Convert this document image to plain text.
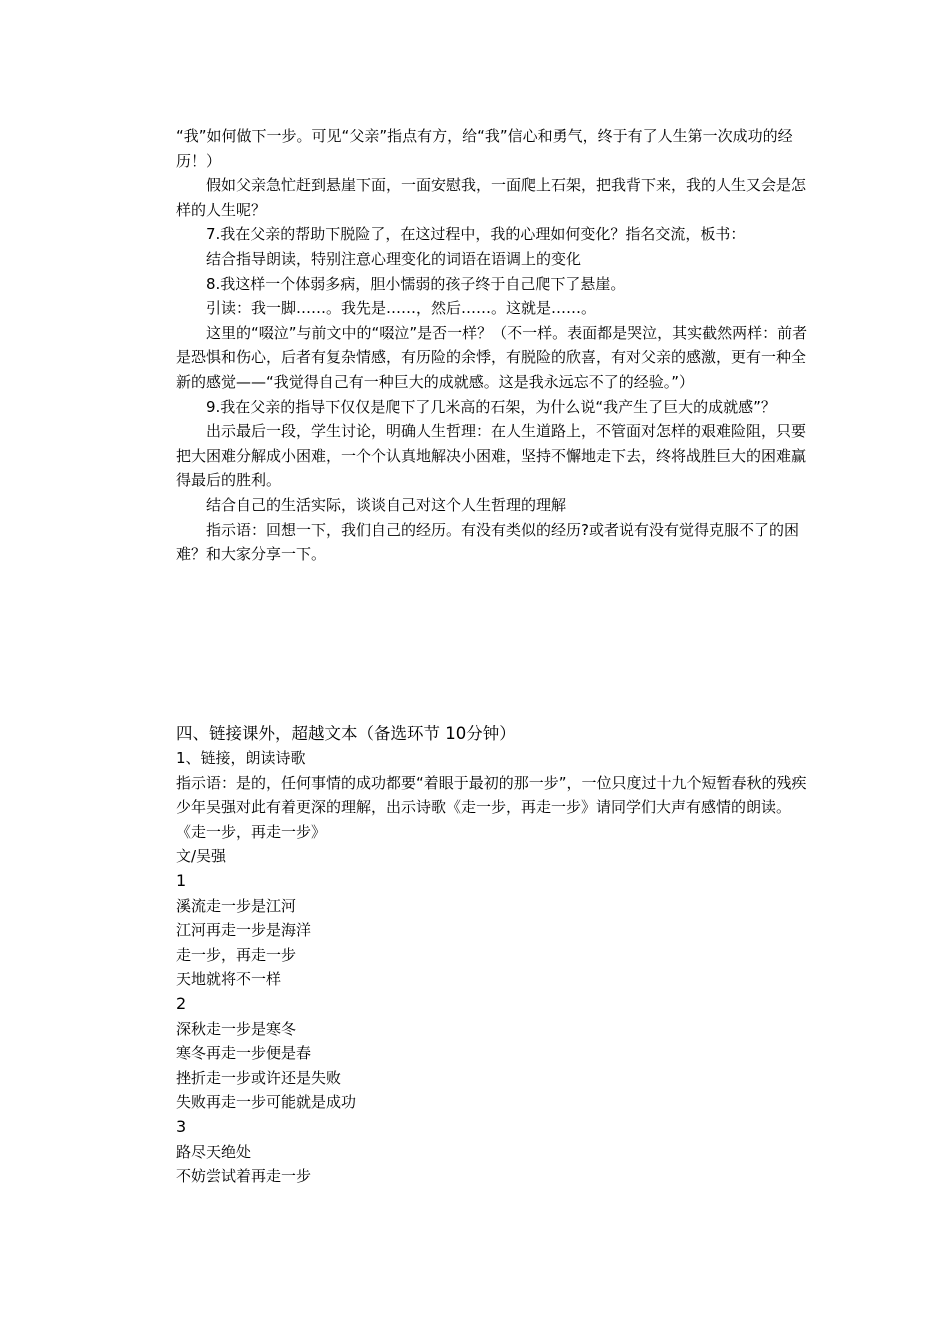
“我”如何做下一步。可见“父亲”指点有方，给“我”信心和勇气，终于有了人生第一次成功的经历！）

假如父亲急忙赶到悬崖下面，一面安慰我，一面爬上石架，把我背下来，我的人生又会是怎样的人生呢？

7.我在父亲的帮助下脱险了，在这过程中，我的心理如何变化？指名交流，板书：

结合指导朗读，特别注意心理变化的词语在语调上的变化

8.我这样一个体弱多病，胆小懦弱的孩子终于自己爬下了悬崖。

引读：我一脚……。我先是……，然后……。这就是……。

这里的“啜泣”与前文中的“啜泣”是否一样？（不一样。表面都是哭泣，其实截然两样：前者是恐惧和伤心，后者有复杂情感，有历险的余悸，有脱险的欣喜，有对父亲的感激，更有一种全新的感觉——“我觉得自己有一种巨大的成就感。这是我永远忘不了的经验。”）

9.我在父亲的指导下仅仅是爬下了几米高的石架，为什么说“我产生了巨大的成就感”？

出示最后一段，学生讨论，明确人生哲理：在人生道路上，不管面对怎样的艰难险阻，只要把大困难分解成小困难，一个个认真地解决小困难，坚持不懈地走下去，终将战胜巨大的困难赢得最后的胜利。

结合自己的生活实际，谈谈自己对这个人生哲理的理解

指示语：回想一下，我们自己的经历。有没有类似的经历?或者说有没有觉得克服不了的困难？和大家分享一下。

四、链接课外，超越文本（备选环节 10分钟）

1、链接，朗读诗歌

指示语：是的，任何事情的成功都要“着眼于最初的那一步”，一位只度过十九个短暂春秋的残疾少年吴强对此有着更深的理解，出示诗歌《走一步，再走一步》请同学们大声有感情的朗读。

《走一步，再走一步》

文/吴强

1

溪流走一步是江河

江河再走一步是海洋

走一步，再走一步

天地就将不一样

2

深秋走一步是寒冬

寒冬再走一步便是春

挫折走一步或许还是失败

失败再走一步可能就是成功

3

路尽天绝处

不妨尝试着再走一步
